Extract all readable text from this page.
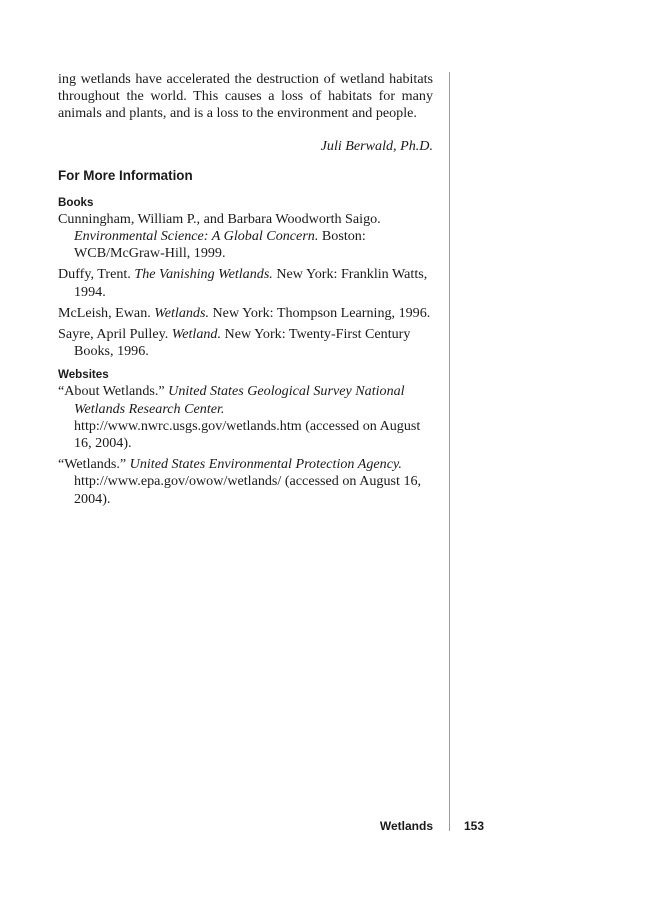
ing wetlands have accelerated the destruction of wetland habitats throughout the world. This causes a loss of habitats for many animals and plants, and is a loss to the environment and people.

Juli Berwald, Ph.D.

For More Information
Books
Cunningham, William P., and Barbara Woodworth Saigo. Environmental Science: A Global Concern. Boston: WCB/McGraw-Hill, 1999.
Duffy, Trent. The Vanishing Wetlands. New York: Franklin Watts, 1994.
McLeish, Ewan. Wetlands. New York: Thompson Learning, 1996.
Sayre, April Pulley. Wetland. New York: Twenty-First Century Books, 1996.
Websites
“About Wetlands.” United States Geological Survey National Wetlands Research Center. http://www.nwrc.usgs.gov/wetlands.htm (accessed on August 16, 2004).
“Wetlands.” United States Environmental Protection Agency. http://www.epa.gov/owow/wetlands/ (accessed on August 16, 2004).
Wetlands	153
